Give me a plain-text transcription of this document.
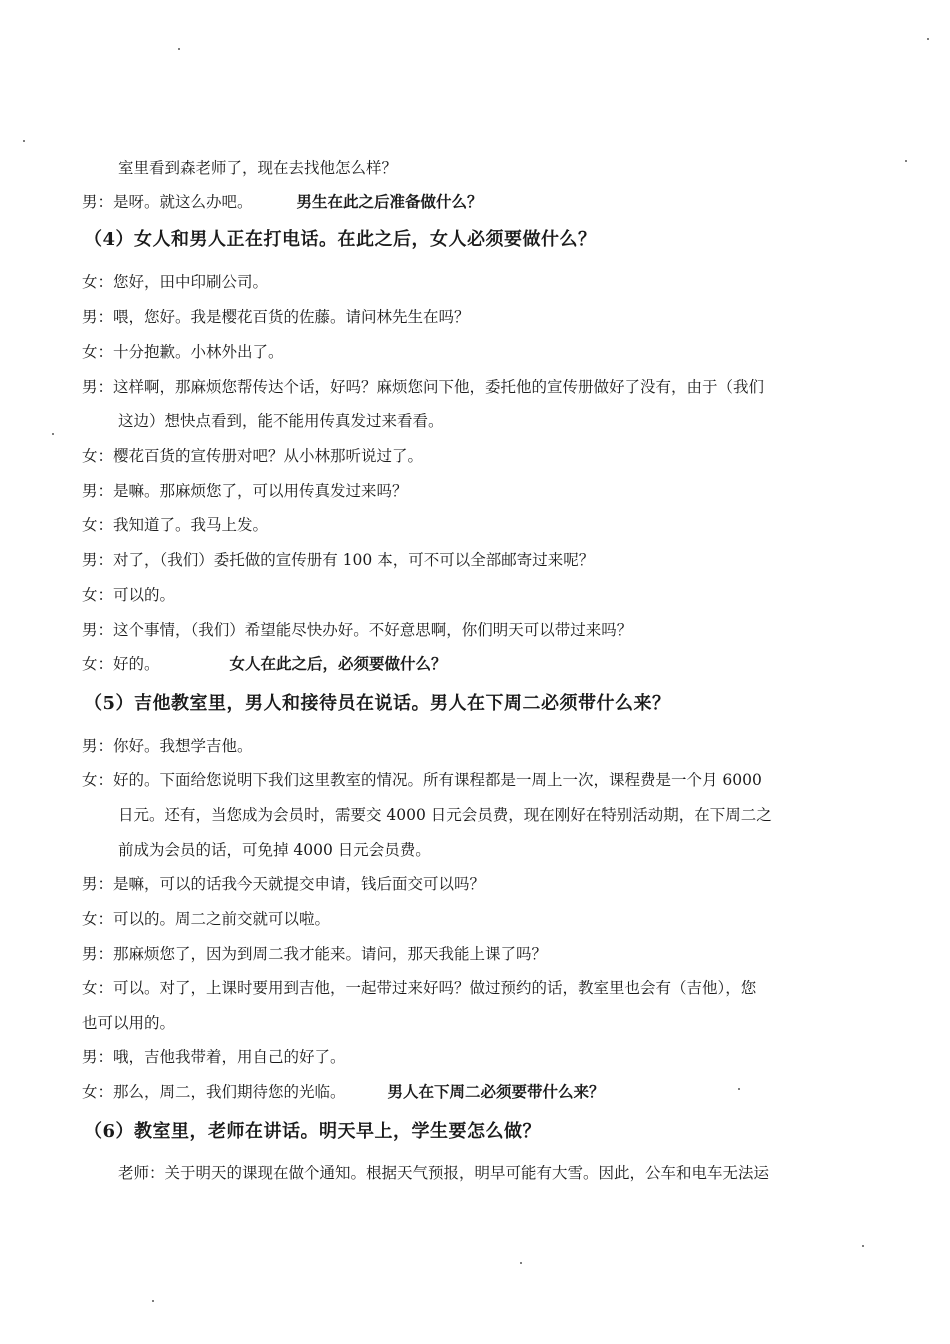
室里看到森老师了，现在去找他怎么样？
男：是呀。就这么办吧。	男生在此之后准备做什么？
（4）女人和男人正在打电话。在此之后，女人必须要做什么？
女：您好，田中印刷公司。
男：喂，您好。我是樱花百货的佐藤。请问林先生在吗？
女：十分抱歉。小林外出了。
男：这样啊，那麻烦您帮传达个话，好吗？麻烦您问下他，委托他的宣传册做好了没有，由于（我们
这边）想快点看到，能不能用传真发过来看看。
女：樱花百货的宣传册对吧？从小林那听说过了。
男：是嘛。那麻烦您了，可以用传真发过来吗？
女：我知道了。我马上发。
男：对了，（我们）委托做的宣传册有 100 本，可不可以全部邮寄过来呢？
女：可以的。
男：这个事情，（我们）希望能尽快办好。不好意思啊，你们明天可以带过来吗？
女：好的。	女人在此之后，必须要做什么？
（5）吉他教室里，男人和接待员在说话。男人在下周二必须带什么来？
男：你好。我想学吉他。
女：好的。下面给您说明下我们这里教室的情况。所有课程都是一周上一次，课程费是一个月 6000
日元。还有，当您成为会员时，需要交 4000 日元会员费，现在刚好在特别活动期，在下周二之
前成为会员的话，可免掉 4000 日元会员费。
男：是嘛，可以的话我今天就提交申请，钱后面交可以吗？
女：可以的。周二之前交就可以啦。
男：那麻烦您了，因为到周二我才能来。请问，那天我能上课了吗？
女：可以。对了，上课时要用到吉他，一起带过来好吗？做过预约的话，教室里也会有（吉他），您
也可以用的。
男：哦，吉他我带着，用自己的好了。
女：那么，周二，我们期待您的光临。	男人在下周二必须要带什么来？
（6）教室里，老师在讲话。明天早上，学生要怎么做？
老师：关于明天的课现在做个通知。根据天气预报，明早可能有大雪。因此，公车和电车无法运
